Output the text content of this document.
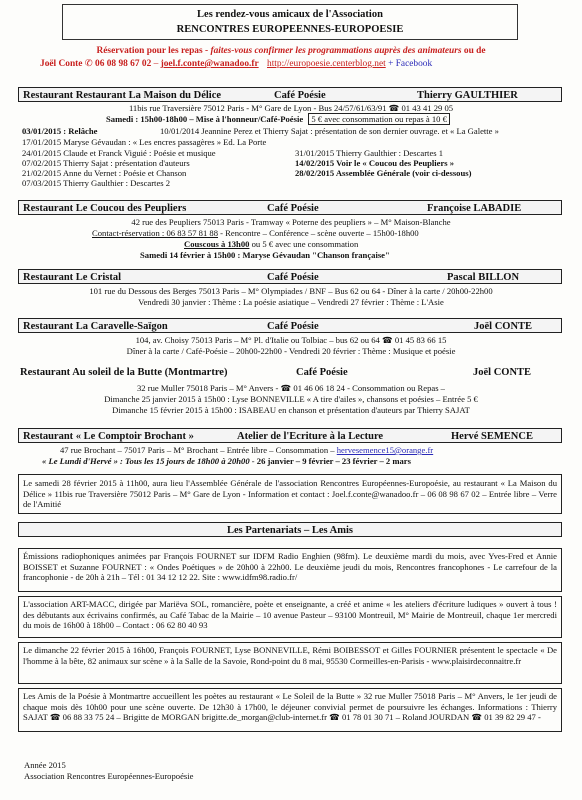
Les rendez-vous amicaux de l'Association
RENCONTRES EUROPEENNES-EUROPOESIE
Réservation pour les repas - faites-vous confirmer les programmations auprès des animateurs ou de
Joël Conte ✆ 06 08 98 67 02 – joel.f.conte@wanadoo.fr http://europoesie.centerblog.net + Facebook
Restaurant Restaurant La Maison du Délice	Café Poésie	Thierry GAULTHIER
11bis rue Traversière 75012 Paris - M° Gare de Lyon - Bus 24/57/61/63/91 ☎ 01 43 41 29 05
Samedi : 15h00-18h00 – Mise à l'honneur/Café-Poésie 5 € avec consommation ou repas à 10 €
10/01/2014 Jeannine Perez et Thierry Sajat : présentation de son dernier ouvrage. et « La Galette »
03/01/2015 : Relâche
17/01/2015 Maryse Gévaudan : « Les encres passagères » Ed. La Porte
24/01/2015 Claude et Franck Viguié : Poésie et musique
07/02/2015 Thierry Sajat : présentation d'auteurs
21/02/2015 Anne du Vernet : Poésie et Chanson
07/03/2015 Thierry Gaulthier : Descartes 2
31/01/2015 Thierry Gaulthier : Descartes 1
14/02/2015 Voir le « Coucou des Peupliers »
28/02/2015 Assemblée Générale (voir ci-dessous)
Restaurant Le Coucou des Peupliers	Café Poésie	Françoise LABADIE
42 rue des Peupliers 75013 Paris - Tramway « Poterne des peupliers » – M° Maison-Blanche
Contact-réservation : 06 83 57 81 88 - Rencontre – Conférence – scène ouverte – 15h00-18h00
Couscous à 13h00 ou 5 € avec une consommation
Samedi 14 février à 15h00 : Maryse Gévaudan "Chanson française"
Restaurant Le Cristal	Café Poésie	Pascal BILLON
101 rue du Dessous des Berges 75013 Paris – M° Olympiades / BNF – Bus 62 ou 64 - Dîner à la carte / 20h00-22h00
Vendredi 30 janvier : Thème : La poésie asiatique – Vendredi 27 février : Thème : L'Asie
Restaurant La Caravelle-Saïgon	Café Poésie	Joël CONTE
104, av. Choisy 75013 Paris – M° Pl. d'Italie ou Tolbiac – bus 62 ou 64 ☎ 01 45 83 66 15
Dîner à la carte / Café-Poésie – 20h00-22h00 - Vendredi 20 février : Thème : Musique et poésie
Restaurant Au soleil de la Butte (Montmartre)	Café Poésie	Joël CONTE
32 rue Muller 75018 Paris – M° Anvers - ☎ 01 46 06 18 24 - Consommation ou Repas –
Dimanche 25 janvier 2015 à 15h00 : Lyse BONNEVILLE « A tire d'ailes », chansons et poésies – Entrée 5 €
Dimanche 15 février 2015 à 15h00 : ISABEAU en chanson et présentation d'auteurs par Thierry SAJAT
Restaurant « Le Comptoir Brochant »	Atelier de l'Ecriture à la Lecture	Hervé SEMENCE
47 rue Brochant – 75017 Paris – M° Brochant – Entrée libre – Consommation – hervesemence15@orange.fr
« Le Lundi d'Hervé » : Tous les 15 jours de 18h00 à 20h00 - 26 janvier – 9 février – 23 février – 2 mars
Le samedi 28 février 2015 à 11h00, aura lieu l'Assemblée Générale de l'association Rencontres Européennes-Europoésie, au restaurant « La Maison du Délice » 11bis rue Traversière 75012 Paris – M° Gare de Lyon - Information et contact : Joel.f.conte@wanadoo.fr – 06 08 98 67 02 – Entrée libre – Verre de l'Amitié
Les Partenariats – Les Amis
Émissions radiophoniques animées par François FOURNET sur IDFM Radio Enghien (98fm). Le deuxième mardi du mois, avec Yves-Fred et Annie BOISSET et Suzanne FOURNET : « Ondes Poétiques » de 20h00 à 22h00. Le deuxième jeudi du mois, Rencontres francophones - Le carrefour de la francophonie - de 20h à 21h – Tél : 01 34 12 12 22. Site : www.idfm98.radio.fr/
L'association ART-MACC, dirigée par Mariëva SOL, romancière, poète et enseignante, a créé et anime « les ateliers d'écriture ludiques » ouvert à tous ! des débutants aux écrivains confirmés, au Café Tabac de la Mairie – 10 avenue Pasteur – 93100 Montreuil, M° Mairie de Montreuil, chaque 1er mercredi du mois de 16h00 à 18h00 – Contact : 06 62 80 40 93
Le dimanche 22 février 2015 à 16h00, François FOURNET, Lyse BONNEVILLE, Rémi BOIBESSOT et Gilles FOURNIER présentent le spectacle « De l'homme à la bête, 82 animaux sur scène » à la Salle de la Savoie, Rond-point du 8 mai, 95530 Cormeilles-en-Parisis - www.plaisirdeconnaitre.fr
Les Amis de la Poésie à Montmartre accueillent les poètes au restaurant « Le Soleil de la Butte » 32 rue Muller 75018 Paris – M° Anvers, le 1er jeudi de chaque mois dès 10h00 pour une scène ouverte. De 12h30 à 17h00, le déjeuner convivial permet de poursuivre les échanges. Informations : Thierry SAJAT ☎ 06 88 33 75 24 – Brigitte de MORGAN brigitte.de_morgan@club-internet.fr ☎ 01 78 01 30 71 – Roland JOURDAN ☎ 01 39 82 29 47 -
Année 2015
Association Rencontres Européennes-Europoésie
